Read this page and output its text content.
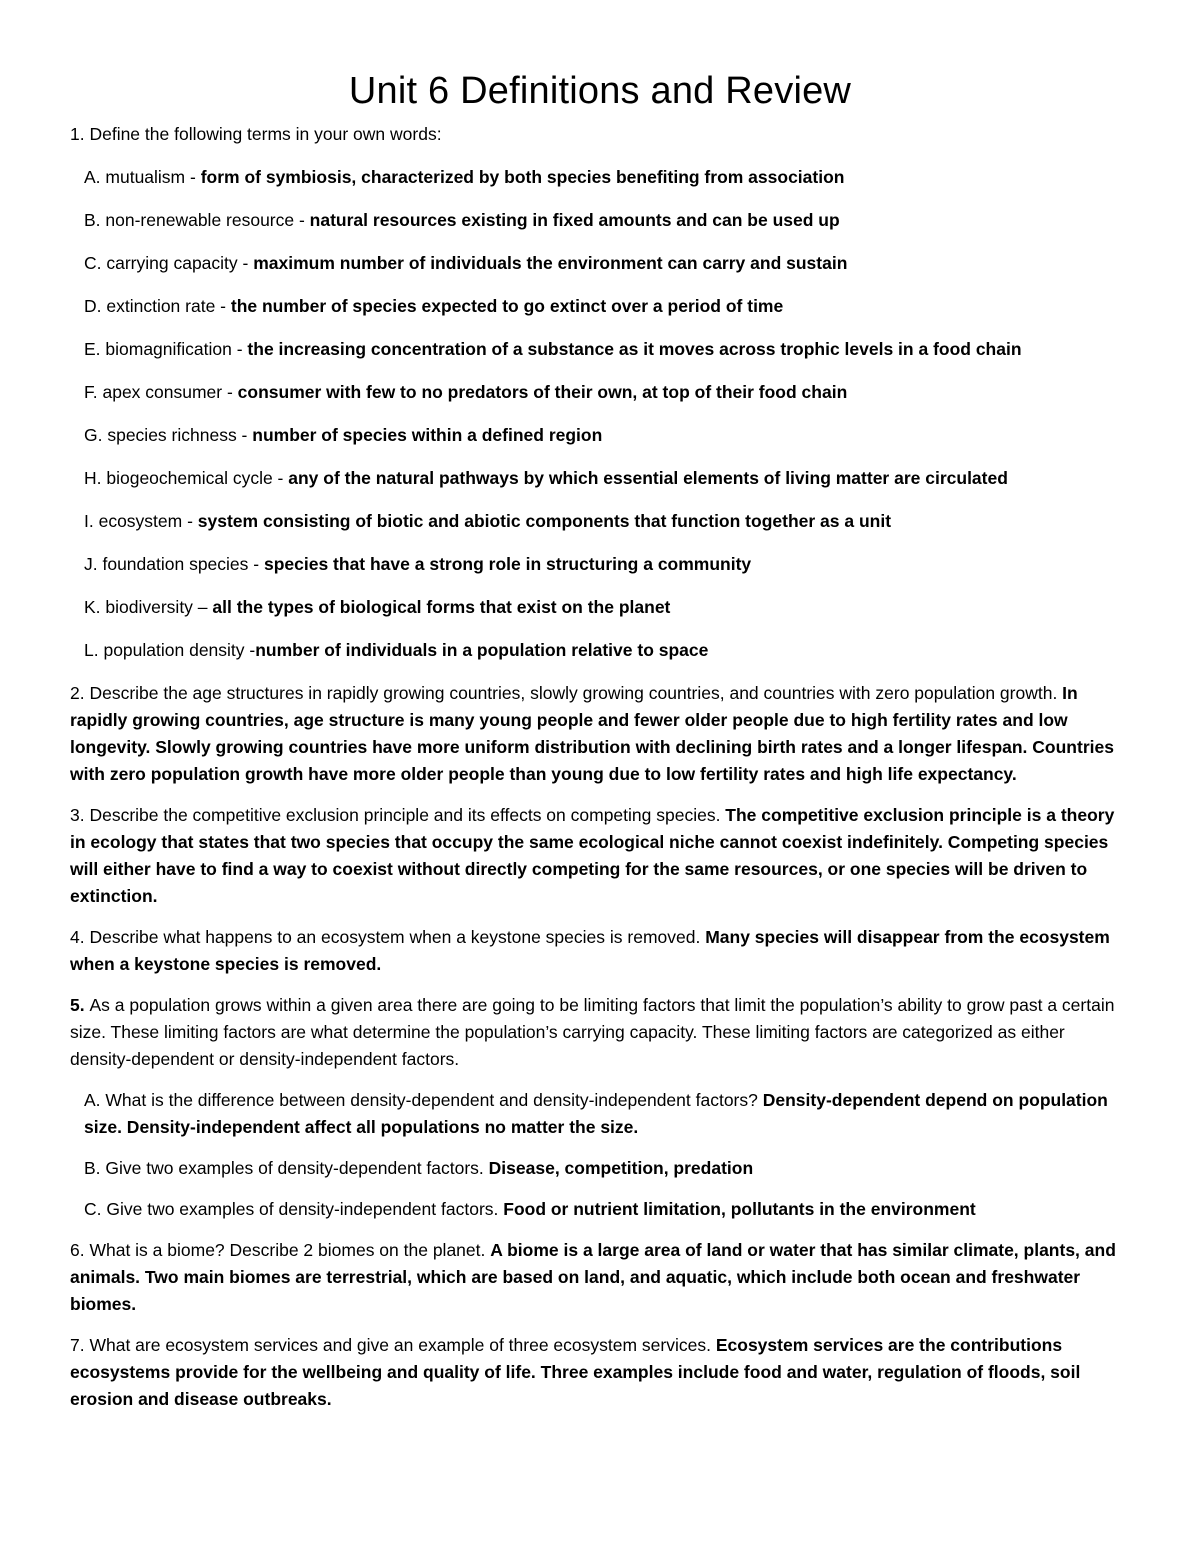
Unit 6 Definitions and Review
1. Define the following terms in your own words:
A. mutualism - form of symbiosis, characterized by both species benefiting from association
B. non-renewable resource - natural resources existing in fixed amounts and can be used up
C. carrying capacity - maximum number of individuals the environment can carry and sustain
D. extinction rate - the number of species expected to go extinct over a period of time
E. biomagnification - the increasing concentration of a substance as it moves across trophic levels in a food chain
F. apex consumer - consumer with few to no predators of their own, at top of their food chain
G. species richness - number of species within a defined region
H. biogeochemical cycle - any of the natural pathways by which essential elements of living matter are circulated
I. ecosystem - system consisting of biotic and abiotic components that function together as a unit
J. foundation species - species that have a strong role in structuring a community
K. biodiversity – all the types of biological forms that exist on the planet
L. population density -number of individuals in a population relative to space

2. Describe the age structures in rapidly growing countries, slowly growing countries, and countries with zero population growth. In rapidly growing countries, age structure is many young people and fewer older people due to high fertility rates and low longevity. Slowly growing countries have more uniform distribution with declining birth rates and a longer lifespan. Countries with zero population growth have more older people than young due to low fertility rates and high life expectancy.

3. Describe the competitive exclusion principle and its effects on competing species. The competitive exclusion principle is a theory in ecology that states that two species that occupy the same ecological niche cannot coexist indefinitely. Competing species will either have to find a way to coexist without directly competing for the same resources, or one species will be driven to extinction.

4. Describe what happens to an ecosystem when a keystone species is removed. Many species will disappear from the ecosystem when a keystone species is removed.

5. As a population grows within a given area there are going to be limiting factors that limit the population’s ability to grow past a certain size. These limiting factors are what determine the population’s carrying capacity. These limiting factors are categorized as either density-dependent or density-independent factors.

A. What is the difference between density-dependent and density-independent factors? Density-dependent depend on population size. Density-independent affect all populations no matter the size.

B. Give two examples of density-dependent factors. Disease, competition, predation

C. Give two examples of density-independent factors. Food or nutrient limitation, pollutants in the environment

6. What is a biome? Describe 2 biomes on the planet. A biome is a large area of land or water that has similar climate, plants, and animals. Two main biomes are terrestrial, which are based on land, and aquatic, which include both ocean and freshwater biomes.

7. What are ecosystem services and give an example of three ecosystem services. Ecosystem services are the contributions ecosystems provide for the wellbeing and quality of life. Three examples include food and water, regulation of floods, soil erosion and disease outbreaks.
